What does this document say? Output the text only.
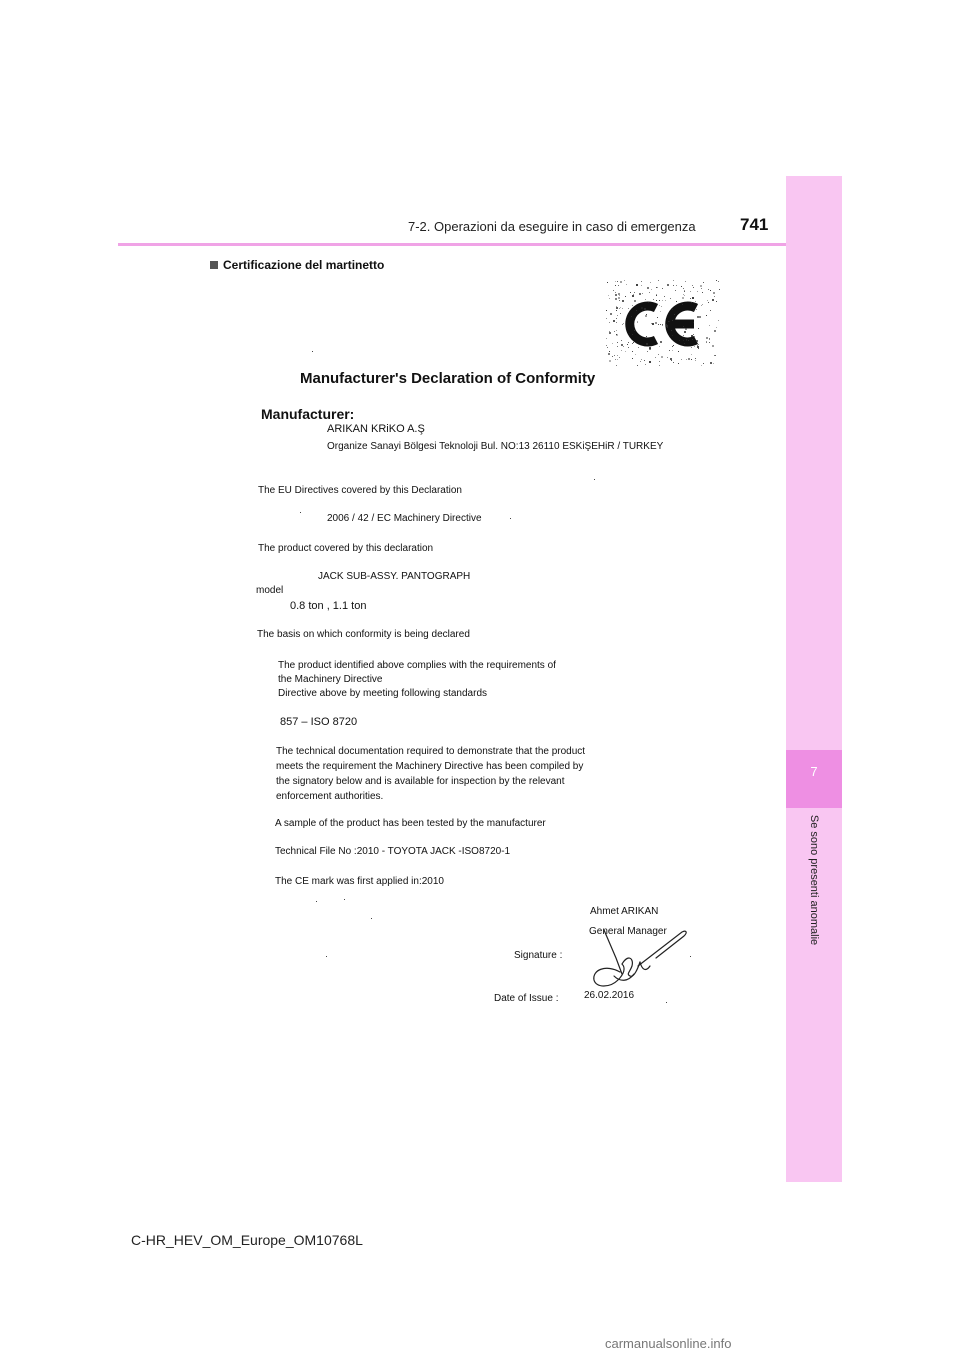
7-2. Operazioni da eseguire in caso di emergenza	741
7
Se sono presenti anomalie
Certificazione del martinetto
Manufacturer's Declaration of Conformity
Manufacturer:
ARIKAN KRiKO A.Ş
Organize Sanayi Bölgesi Teknoloji Bul. NO:13 26110 ESKiŞEHiR / TURKEY
The EU Directives covered by this Declaration
2006 / 42 / EC Machinery Directive
The product covered by this declaration
JACK SUB-ASSY. PANTOGRAPH
model
0.8 ton , 1.1 ton
The basis on which conformity is being declared
The product identified above complies with the requirements of
the Machinery Directive
Directive above by meeting following standards
857 – ISO 8720
The technical documentation required to demonstrate that the product
meets the requirement the Machinery Directive has been compiled by
the signatory below and is available for inspection by the relevant
enforcement authorities.
A sample of the product has been tested by the manufacturer
Technical File No :2010 - TOYOTA JACK -ISO8720-1
The CE mark was first applied in:2010
Ahmet ARIKAN
General Manager
Signature :
Date of Issue :	26.02.2016
C-HR_HEV_OM_Europe_OM10768L
carmanualsonline.info
